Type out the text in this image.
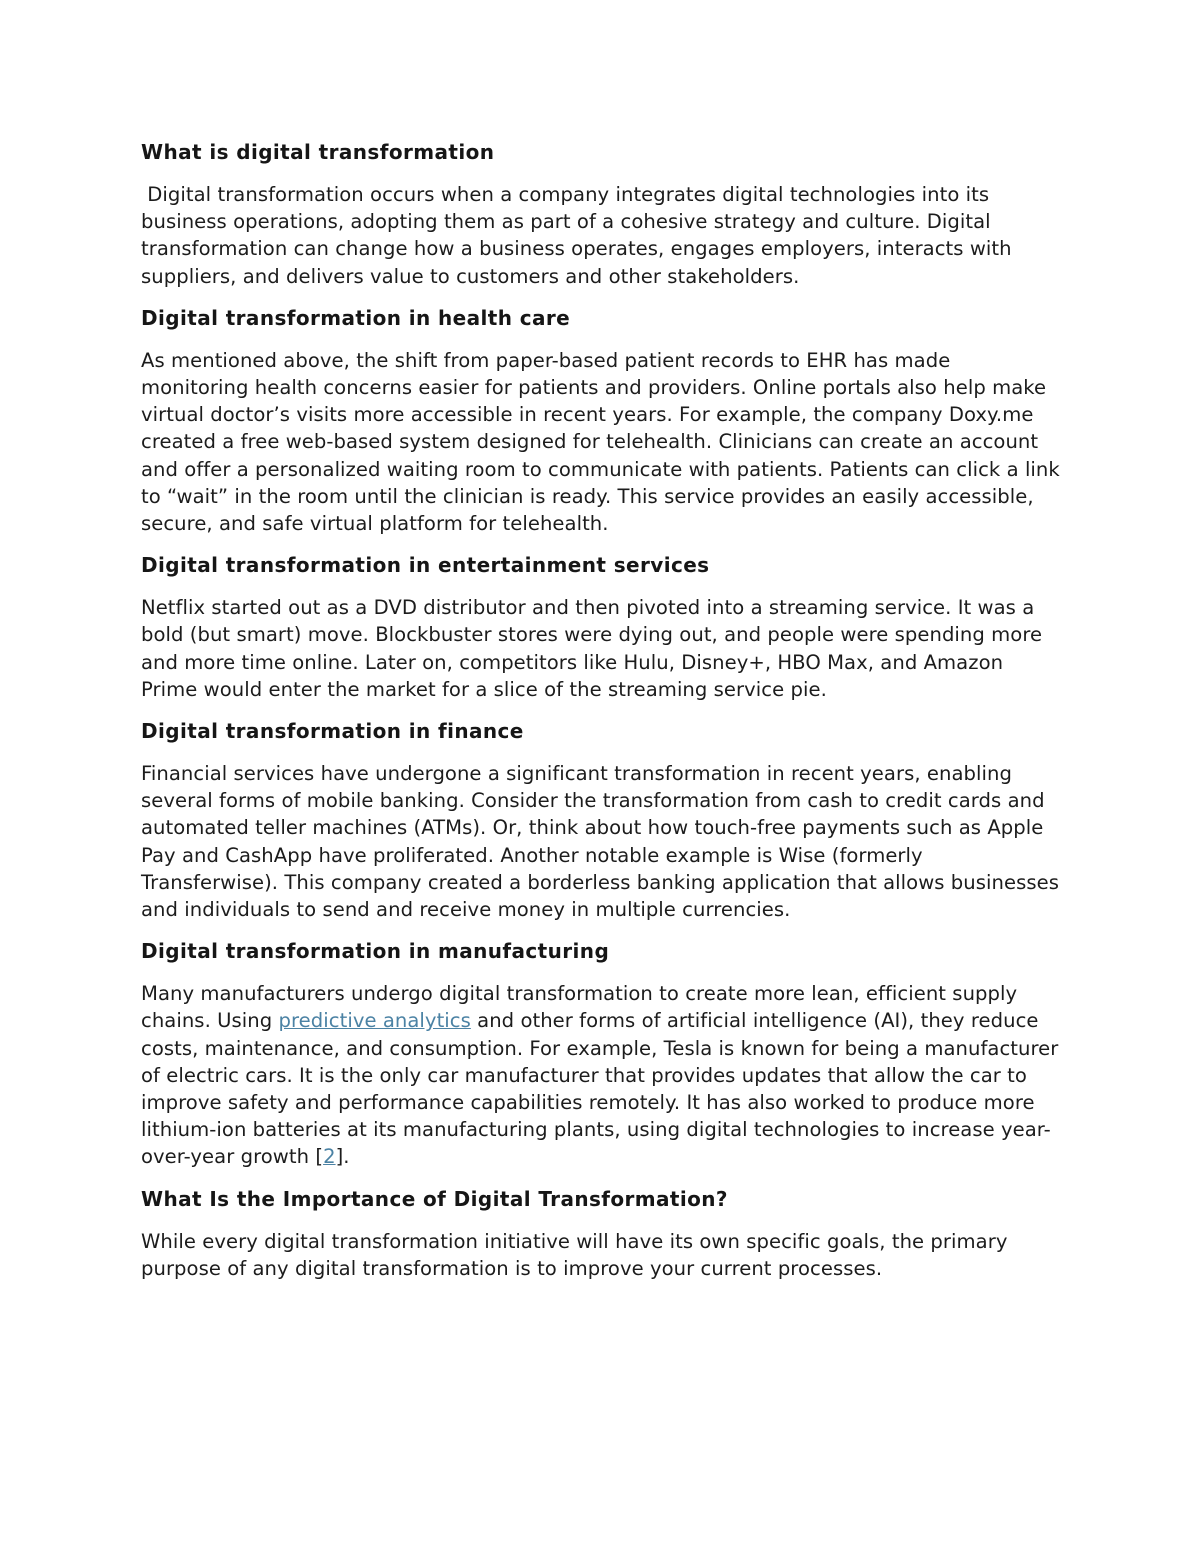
What is digital transformation

Digital transformation occurs when a company integrates digital technologies into its business operations, adopting them as part of a cohesive strategy and culture. Digital transformation can change how a business operates, engages employers, interacts with suppliers, and delivers value to customers and other stakeholders.

Digital transformation in health care

As mentioned above, the shift from paper-based patient records to EHR has made monitoring health concerns easier for patients and providers. Online portals also help make virtual doctor’s visits more accessible in recent years. For example, the company Doxy.me created a free web-based system designed for telehealth. Clinicians can create an account and offer a personalized waiting room to communicate with patients. Patients can click a link to “wait” in the room until the clinician is ready. This service provides an easily accessible, secure, and safe virtual platform for telehealth.

Digital transformation in entertainment services

Netflix started out as a DVD distributor and then pivoted into a streaming service. It was a bold (but smart) move. Blockbuster stores were dying out, and people were spending more and more time online. Later on, competitors like Hulu, Disney+, HBO Max, and Amazon Prime would enter the market for a slice of the streaming service pie.

Digital transformation in finance

Financial services have undergone a significant transformation in recent years, enabling several forms of mobile banking. Consider the transformation from cash to credit cards and automated teller machines (ATMs). Or, think about how touch-free payments such as Apple Pay and CashApp have proliferated. Another notable example is Wise (formerly Transferwise). This company created a borderless banking application that allows businesses and individuals to send and receive money in multiple currencies.

Digital transformation in manufacturing

Many manufacturers undergo digital transformation to create more lean, efficient supply chains. Using predictive analytics and other forms of artificial intelligence (AI), they reduce costs, maintenance, and consumption. For example, Tesla is known for being a manufacturer of electric cars. It is the only car manufacturer that provides updates that allow the car to improve safety and performance capabilities remotely. It has also worked to produce more lithium-ion batteries at its manufacturing plants, using digital technologies to increase year-over-year growth [2].

What Is the Importance of Digital Transformation?

While every digital transformation initiative will have its own specific goals, the primary purpose of any digital transformation is to improve your current processes.
